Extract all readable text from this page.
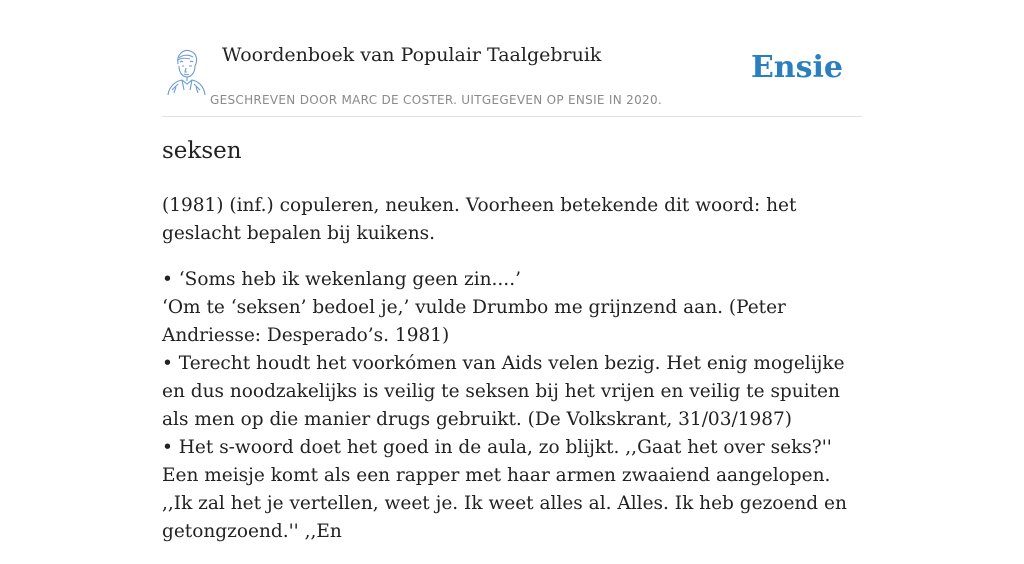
Woordenboek van Populair Taalgebruik
GESCHREVEN DOOR MARC DE COSTER. UITGEGEVEN OP ENSIE IN 2020.
Ensie
seksen

(1981) (inf.) copuleren, neuken. Voorheen betekende dit woord: het geslacht bepalen bij kuikens.

• ‘Soms heb ik wekenlang geen zin....’
‘Om te ‘seksen’ bedoel je,’ vulde Drumbo me grijnzend aan. (Peter Andriesse: Desperado’s. 1981)
• Terecht houdt het voorkómen van Aids velen bezig. Het enig mogelijke en dus noodzakelijks is veilig te seksen bij het vrijen en veilig te spuiten als men op die manier drugs gebruikt. (De Volkskrant, 31/03/1987)
• Het s-woord doet het goed in de aula, zo blijkt. ,,Gaat het over seks?'' Een meisje komt als een rapper met haar armen zwaaiend aangelopen. ,,Ik zal het je vertellen, weet je. Ik weet alles al. Alles. Ik heb gezoend en getongzoend.'' ,,En
